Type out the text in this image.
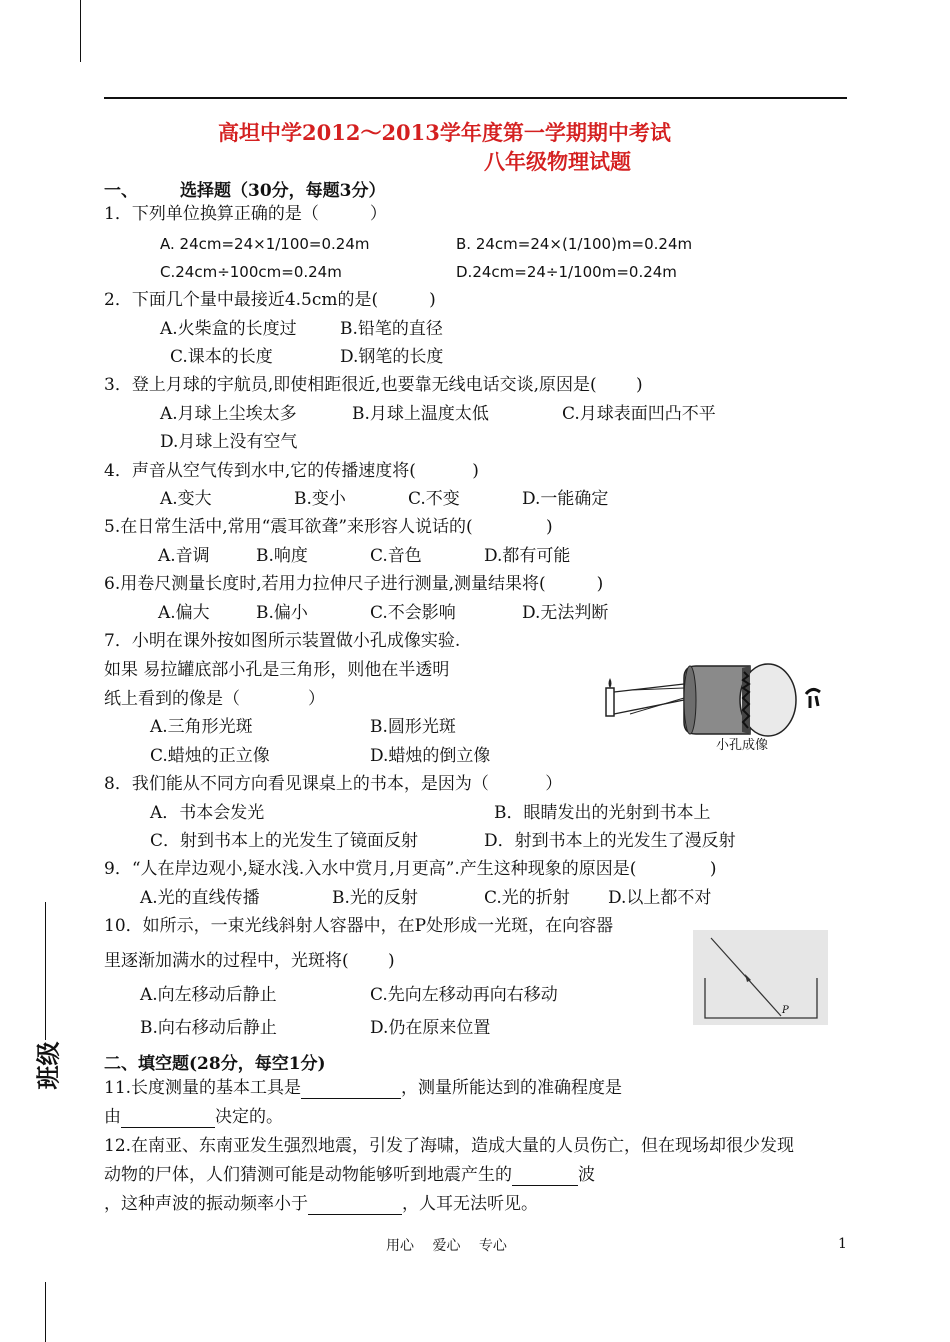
班级
高坦中学2012～2013学年度第一学期期中考试
八年级物理试题
一、 选择题（30分，每题3分）
1．下列单位换算正确的是（　　　）
A. 24cm=24×1/100=0.24m	B. 24cm=24×(1/100)m=0.24m
C.24cm÷100cm=0.24m	D.24cm=24÷1/100m=0.24m
2．下面几个量中最接近4.5cm的是(　　　)
A.火柴盒的长度过	B.铅笔的直径
C.课本的长度	D.钢笔的长度
3．登上月球的宇航员,即使相距很近,也要靠无线电话交谈,原因是(　　 )
A.月球上尘埃太多	B.月球上温度太低	C.月球表面凹凸不平
D.月球上没有空气
4．声音从空气传到水中,它的传播速度将(　　　 )
A.变大	B.变小	C.不变	D.一能确定
5.在日常生活中,常用“震耳欲聋”来形容人说话的(　　　　 )
A.音调	B.响度	C.音色	D.都有可能
6.用卷尺测量长度时,若用力拉伸尺子进行测量,测量结果将(　　　)
A.偏大	B.偏小	C.不会影响	D.无法判断
7．小明在课外按如图所示装置做小孔成像实验.
如果 易拉罐底部小孔是三角形，则他在半透明
纸上看到的像是（　　　　）
A.三角形光斑	B.圆形光斑
C.蜡烛的正立像	D.蜡烛的倒立像
小孔成像
8．我们能从不同方向看见课桌上的书本，是因为（　　　 ）
A．书本会发光	B．眼睛发出的光射到书本上
C．射到书本上的光发生了镜面反射	D．射到书本上的光发生了漫反射
9．“人在岸边观小,疑水浅.入水中赏月,月更高”.产生这种现象的原因是(　　　　 )
A.光的直线传播	B.光的反射	C.光的折射 D.以上都不对
10．如所示，一束光线斜射人容器中，在P处形成一光斑，在向容器
里逐渐加满水的过程中，光斑将(　　 )
A.向左移动后静止	C.先向左移动再向右移动
B.向右移动后静止	D.仍在原来位置
P
二、填空题(28分，每空1分)
11.长度测量的基本工具是	，测量所能达到的准确程度是
由	决定的。
12.在南亚、东南亚发生强烈地震，引发了海啸，造成大量的人员伤亡，但在现场却很少发现
动物的尸体，人们猜测可能是动物能够听到地震产生的	波
，这种声波的振动频率小于	，人耳无法听见。
用心　 爱心　 专心	1
